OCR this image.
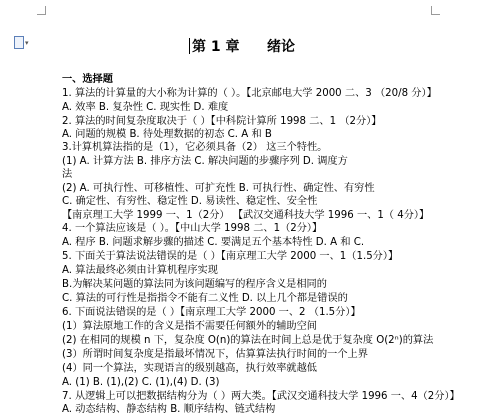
▾	第 1 章 绪论
一、选择题
1. 算法的计算量的大小称为计算的（ ）。【北京邮电大学 2000 二、3 （20/8 分）】
A. 效率 B. 复杂性 C. 现实性 D. 难度
2. 算法的时间复杂度取决于（ ）【中科院计算所 1998 二、1 （2分）】
A. 问题的规模 B. 待处理数据的初态 C. A 和 B
3.计算机算法指的是（1），它必须具备（2） 这三个特性。
(1) A. 计算方法 B. 排序方法 C. 解决问题的步骤序列 D. 调度方
法
(2) A. 可执行性、可移植性、可扩充性 B. 可执行性、确定性、有穷性
C. 确定性、有穷性、稳定性 D. 易读性、稳定性、安全性
【南京理工大学 1999 一、1（2分） 【武汉交通科技大学 1996 一、1（ 4分）】
4. 一个算法应该是（ ）。【中山大学 1998 二、1（2分）】
A. 程序 B. 问题求解步骤的描述 C. 要满足五个基本特性 D. A 和 C.
5. 下面关于算法说法错误的是（ ）【南京理工大学 2000 一、1（1.5分）】
A. 算法最终必须由计算机程序实现
B.为解决某问题的算法同为该问题编写的程序含义是相同的
C. 算法的可行性是指指令不能有二义性 D. 以上几个都是错误的
6. 下面说法错误的是（ ）【南京理工大学 2000 一、2 （1.5分）】
(1）算法原地工作的含义是指不需要任何额外的辅助空间
(2) 在相同的规模 n 下，复杂度 O(n)的算法在时间上总是优于复杂度 O(2ⁿ)的算法
(3）所谓时间复杂度是指最坏情况下，估算算法执行时间的一个上界
(4）同一个算法，实现语言的级别越高，执行效率就越低
A. (1) B. (1),(2) C. (1),(4) D. (3)
7. 从逻辑上可以把数据结构分为（ ）两大类。【武汉交通科技大学 1996 一、4（2分）】
A. 动态结构、静态结构 B. 顺序结构、链式结构
